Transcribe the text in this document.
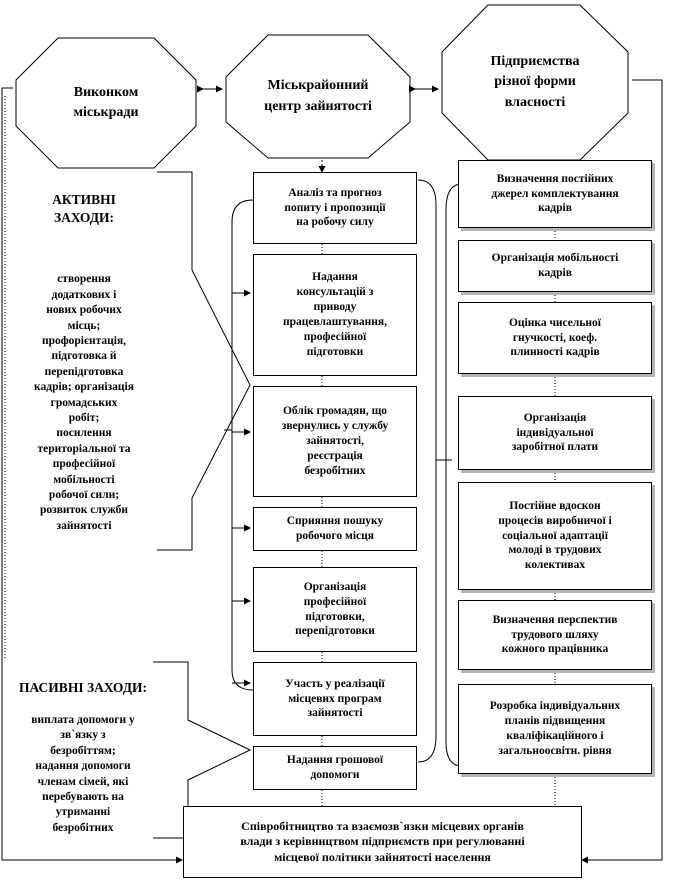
Виконком
міськради
Міськрайонний
центр зайнятості
Підприємства
різної форми
власності

АКТИВНІ
ЗАХОДИ:

створення
додаткових і
нових робочих
місць;
профорієнтація,
підготовка й
перепідготовка
кадрів; організація
громадських
робіт;
посилення
територіальної та
професійної
мобільності
робочої сили;
розвиток служби
зайнятості

ПАСИВНІ ЗАХОДИ:

виплата допомоги у
зв`язку з
безробіттям;
надання допомоги
членам сімей, які
перебувають на
утриманні
безробітних

Аналіз та прогноз
попиту і пропозиції
на робочу силу
Надання
консультацій з
приводу
працевлаштування,
професійної
підготовки
Облік громадян, що
звернулись у службу
зайнятості,
реєстрація
безробітних
Сприяння пошуку
робочого місця
Організація
професійної
підготовки,
перепідготовки
Участь у реалізації
місцевих програм
зайнятості
Надання грошової
допомоги
Визначення постійних
джерел комплектування
кадрів
Організація мобільності
кадрів
Оцінка чисельної
гнучкості, коеф.
плинності кадрів
Організація
індивідуальної
заробітної плати
Постійне вдоскон
процесів виробничої і
соціальної адаптації
молоді в трудових
колективах
Визначення перспектив
трудового шляху
кожного працівника
Розробка індивідуальних
планів підвищення
кваліфікаційного і
загальноосвітн. рівня
Співробітництво та взаємозв`язки місцевих органів
влади з керівництвом підприємств при регулюванні
місцевої політики зайнятості населення
